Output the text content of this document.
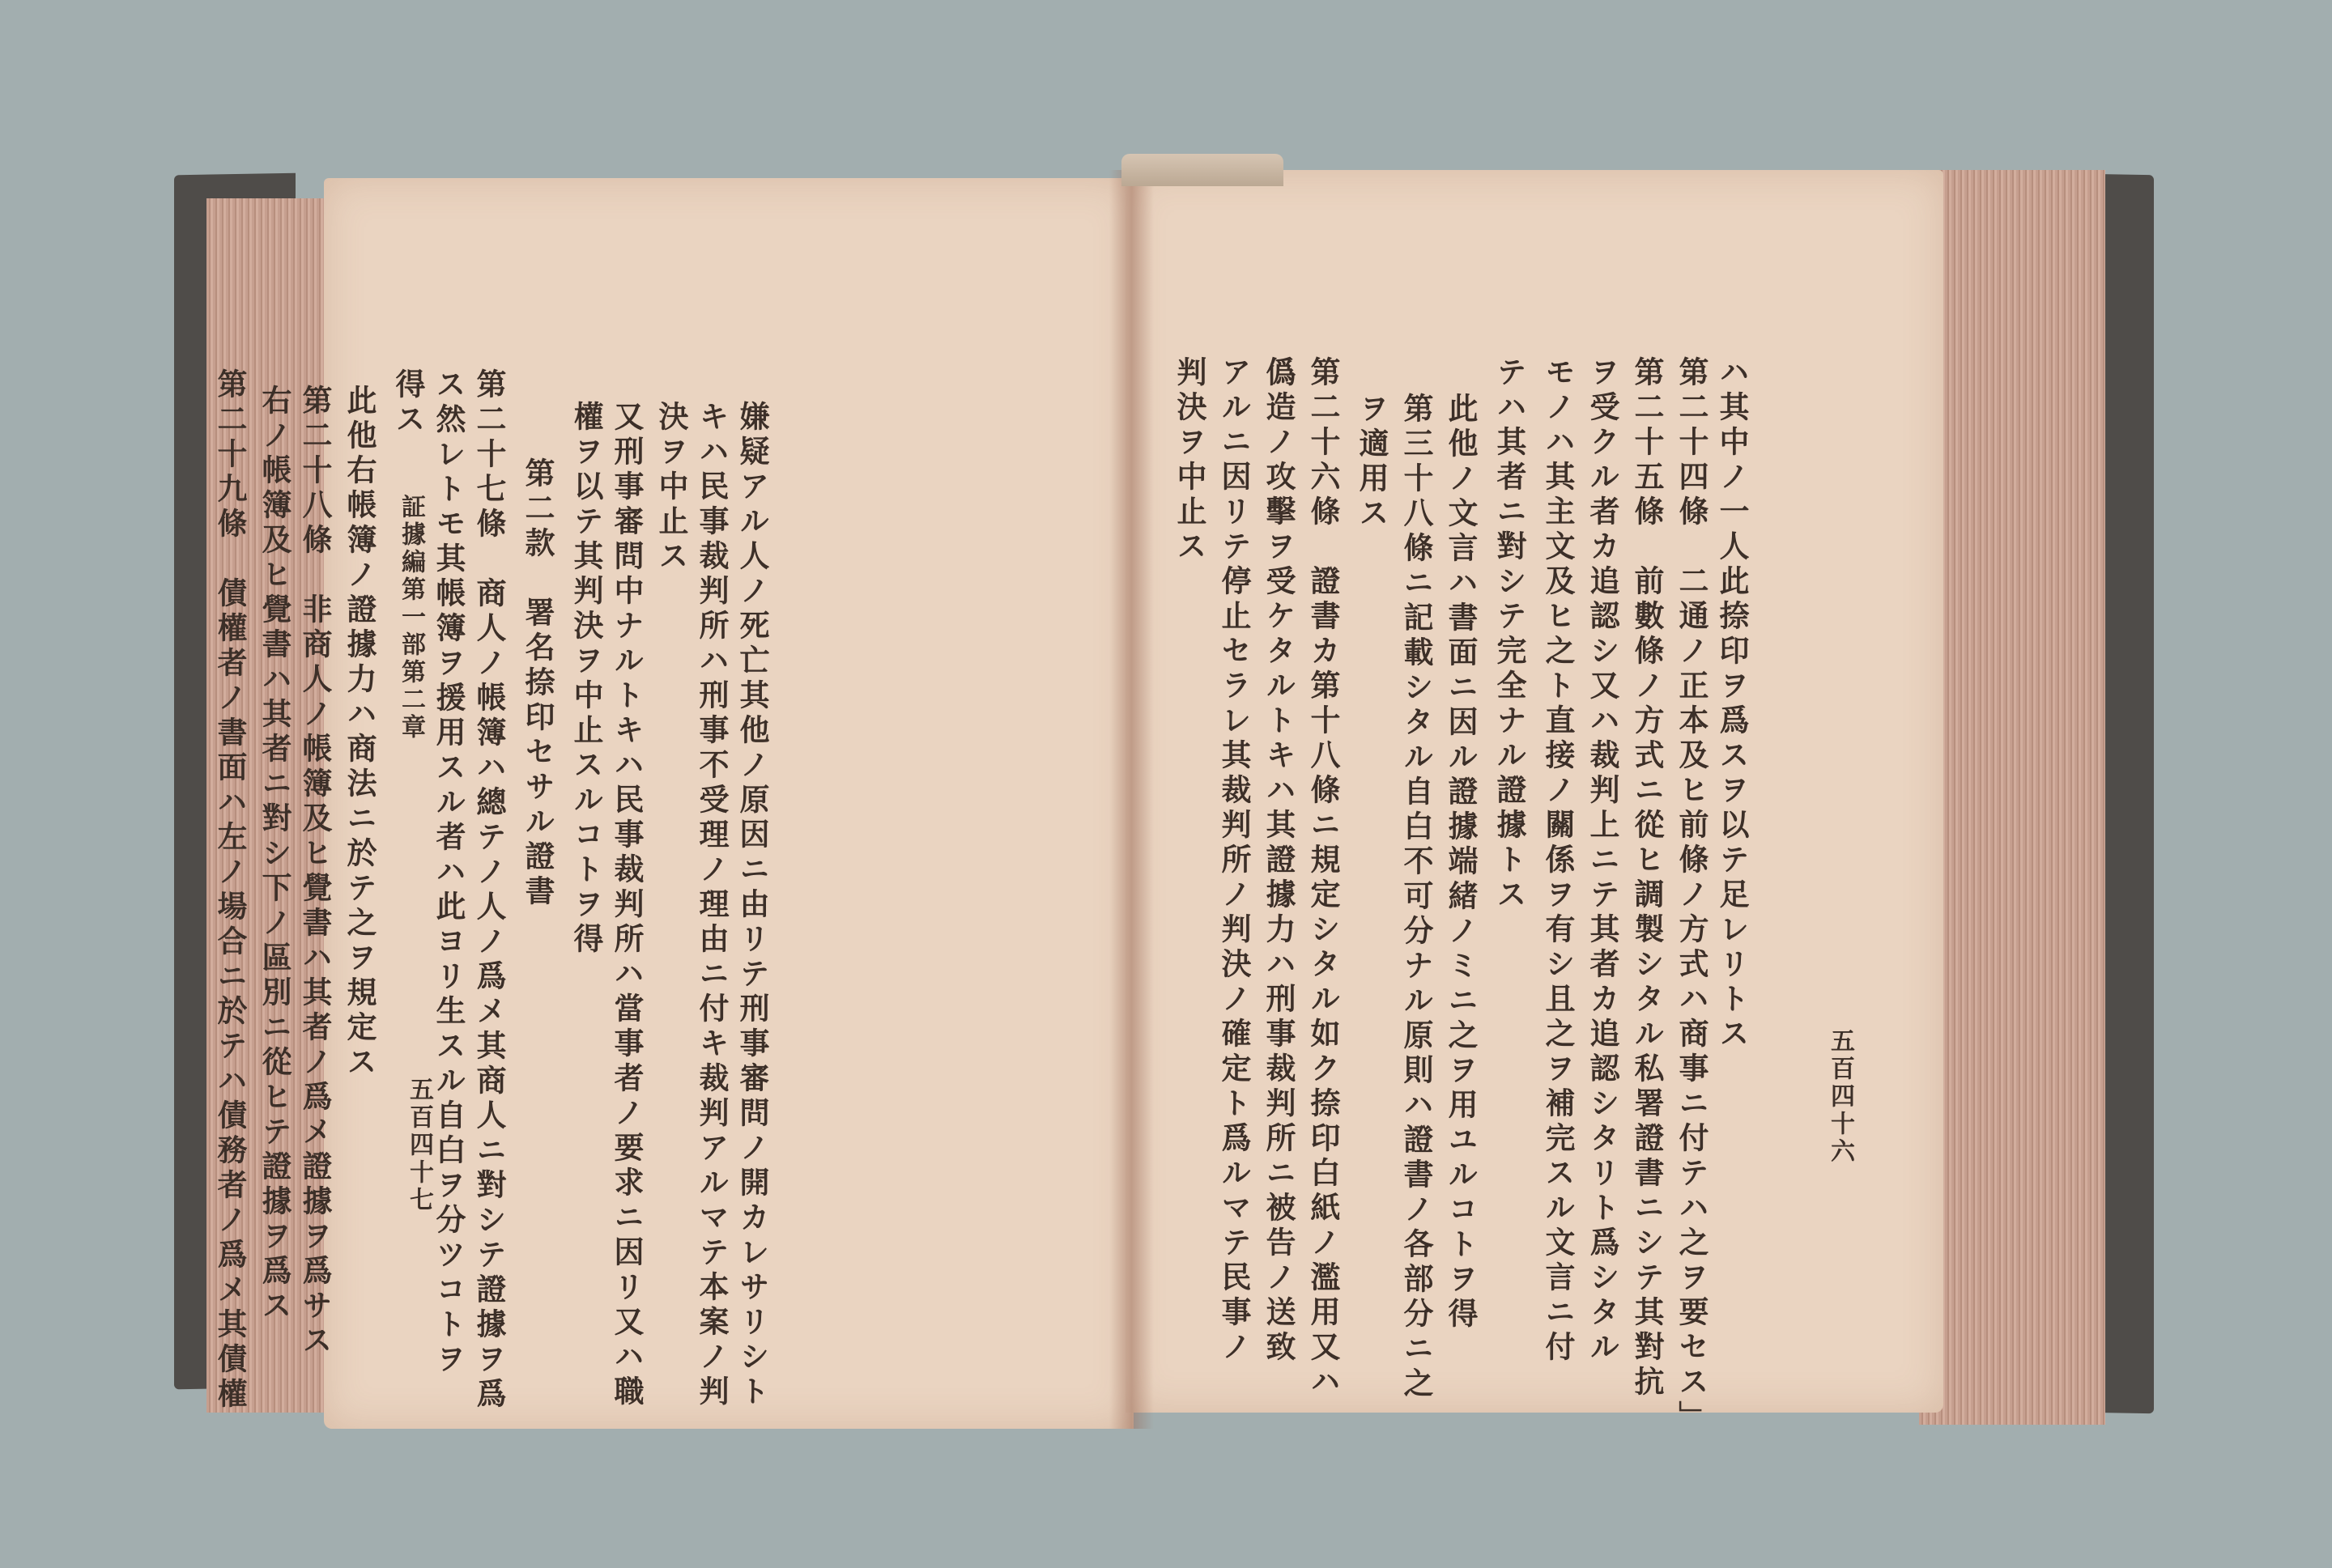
嫌疑アル人ノ死亡其他ノ原因ニ由リテ刑事審問ノ開カレサリシト
キハ民事裁判所ハ刑事不受理ノ理由ニ付キ裁判アルマテ本案ノ判
決ヲ中止ス
又刑事審問中ナルトキハ民事裁判所ハ當事者ノ要求ニ因リ又ハ職
權ヲ以テ其判決ヲ中止スルコトヲ得
第二款　署名捺印セサル證書
第二十七條　商人ノ帳簿ハ總テノ人ノ爲メ其商人ニ對シテ證據ヲ爲
ス然レトモ其帳簿ヲ援用スル者ハ此ヨリ生スル自白ヲ分ツコトヲ
得ス
此他右帳簿ノ證據力ハ商法ニ於テ之ヲ規定ス
第二十八條　非商人ノ帳簿及ヒ覺書ハ其者ノ爲メ證據ヲ爲サス
右ノ帳簿及ヒ覺書ハ其者ニ對シ下ノ區別ニ從ヒテ證據ヲ爲ス
第二十九條　債權者ノ書面ハ左ノ場合ニ於テハ債務者ノ爲メ其債權	ハ其中ノ一人此捺印ヲ爲スヲ以テ足レリトス
第二十四條　二通ノ正本及ヒ前條ノ方式ハ商事ニ付テハ之ヲ要セス」
第二十五條　前數條ノ方式ニ從ヒ調製シタル私署證書ニシテ其對抗
ヲ受クル者カ追認シ又ハ裁判上ニテ其者カ追認シタリト爲シタル
モノハ其主文及ヒ之ト直接ノ關係ヲ有シ且之ヲ補完スル文言ニ付
テハ其者ニ對シテ完全ナル證據トス
此他ノ文言ハ書面ニ因ル證據端緒ノミニ之ヲ用ユルコトヲ得
第三十八條ニ記載シタル自白不可分ナル原則ハ證書ノ各部分ニ之
ヲ適用ス
第二十六條　證書カ第十八條ニ規定シタル如ク捺印白紙ノ濫用又ハ
僞造ノ攻擊ヲ受ケタルトキハ其證據力ハ刑事裁判所ニ被告ノ送致
アルニ因リテ停止セラレ其裁判所ノ判決ノ確定ト爲ルマテ民事ノ
判決ヲ中止ス
五百四十六
証據編第一部第二章
五百四十七
